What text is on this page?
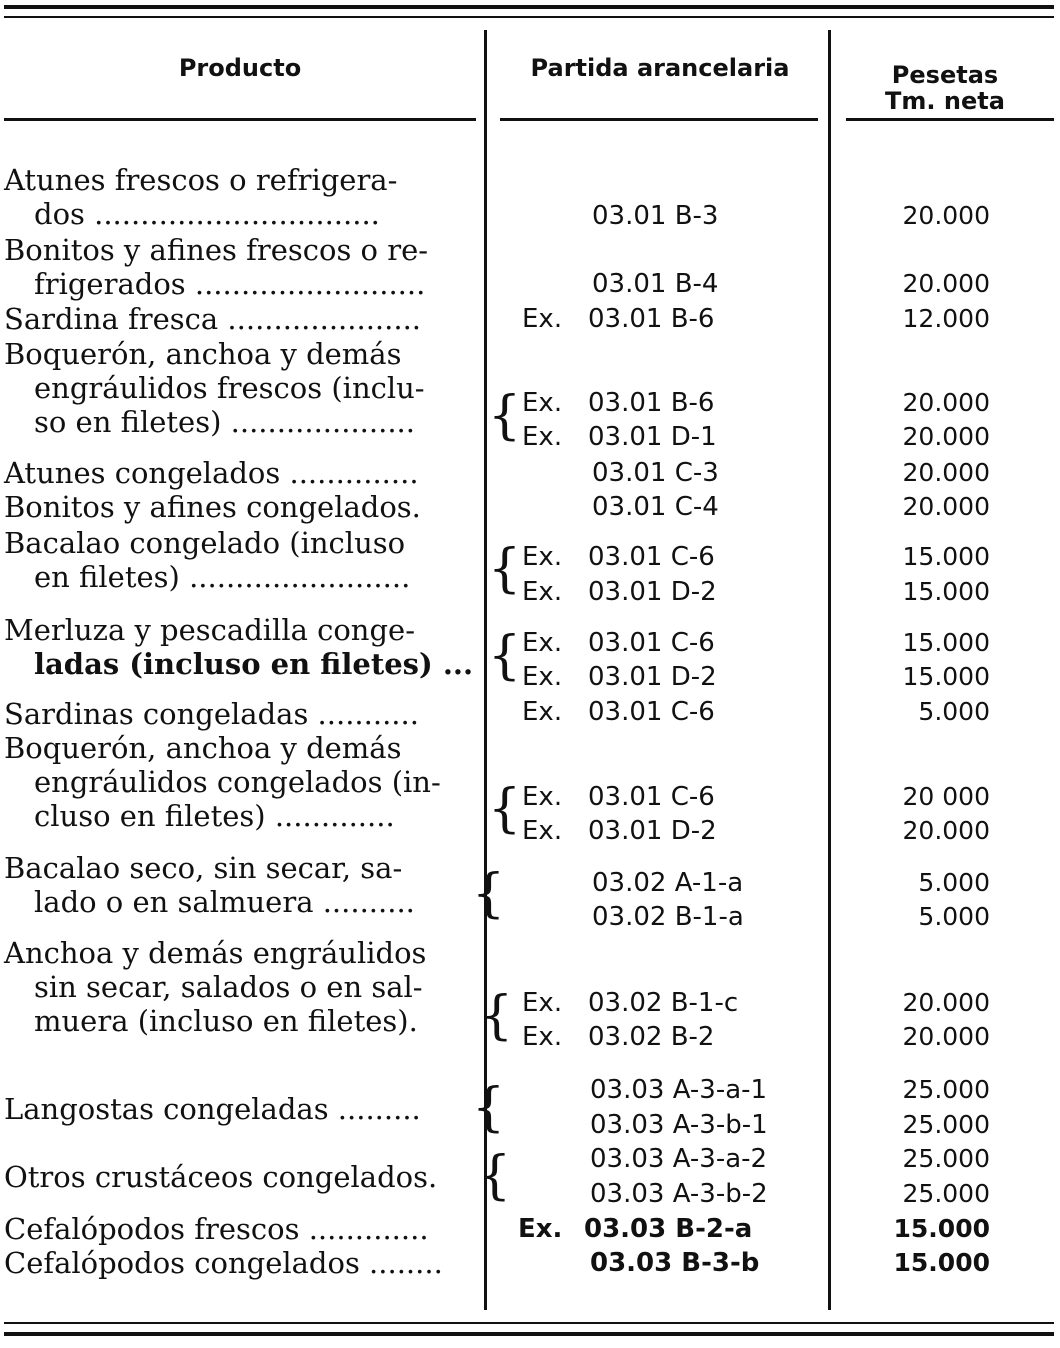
Producto	Partida arancelaria	Pesetas
Tm. neta
Atunes frescos o refrigera-
dos ...............................	03.01 B-3	20.000
Bonitos y afines frescos o re-
frigerados .........................	03.01 B-4	20.000
Sardina fresca .....................	Ex. 03.01 B-6	12.000
Boquerón, anchoa y demás
engráulidos frescos (inclu-
so en filetes) ....................	{ Ex. 03.01 B-6	20.000
Ex. 03.01 D-1	20.000
Atunes congelados ..............	03.01 C-3	20.000
Bonitos y afines congelados.	03.01 C-4	20.000
Bacalao congelado (incluso
en filetes) ........................	{ Ex. 03.01 C-6	15.000
Ex. 03.01 D-2	15.000
Merluza y pescadilla conge-
ladas (incluso en filetes) ... { Ex. 03.01 C-6	15.000
Ex. 03.01 D-2	15.000
Sardinas congeladas ...........	Ex. 03.01 C-6	5.000
Boquerón, anchoa y demás
engráulidos congelados (in-
cluso en filetes) .............	{ Ex. 03.01 C-6	20 000
Ex. 03.01 D-2	20.000
Bacalao seco, sin secar, sa-
lado o en salmuera ..........	{	03.02 A-1-a	5.000
03.02 B-1-a	5.000
Anchoa y demás engráulidos
sin secar, salados o en sal-
muera (incluso en filetes).	{ Ex. 03.02 B-1-c	20.000
Ex. 03.02 B-2	20.000
Langostas congeladas ......... {	03.03 A-3-a-1	25.000
03.03 A-3-b-1	25.000
Otros crustáceos congelados. {	03.03 A-3-a-2	25.000
03.03 A-3-b-2	25.000
Cefalópodos frescos .............	Ex. 03.03 B-2-a	15.000
Cefalópodos congelados ........	03.03 B-3-b	15.000
